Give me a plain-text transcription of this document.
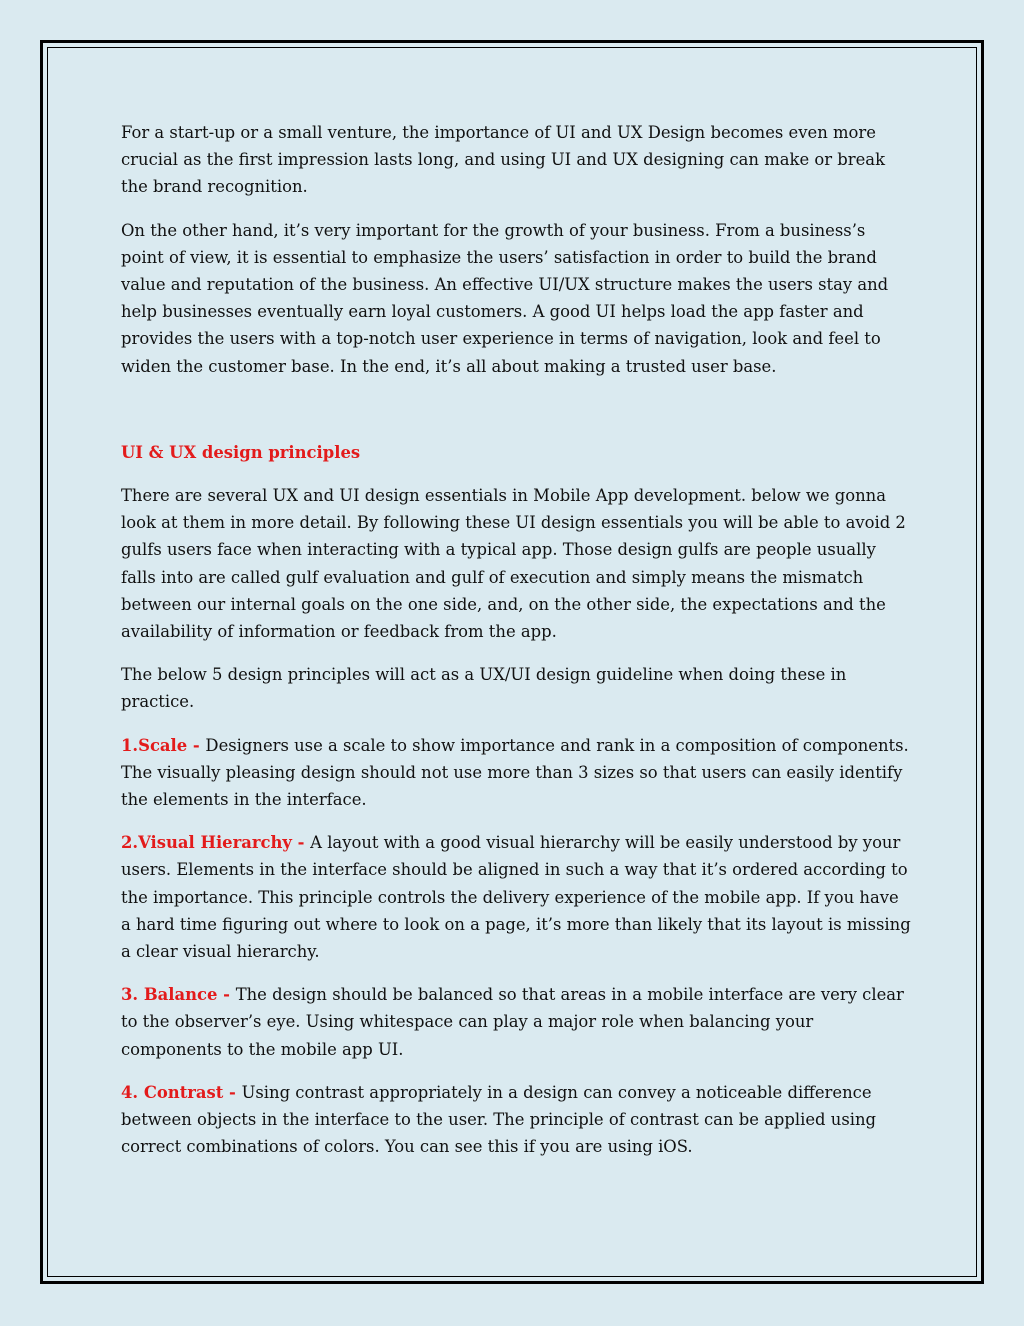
For a start-up or a small venture, the importance of UI and UX Design becomes even more crucial as the first impression lasts long, and using UI and UX designing can make or break the brand recognition.

On the other hand, it’s very important for the growth of your business. From a business’s point of view, it is essential to emphasize the users’ satisfaction in order to build the brand value and reputation of the business. An effective UI/UX structure makes the users stay and help businesses eventually earn loyal customers. A good UI helps load the app faster and provides the users with a top-notch user experience in terms of navigation, look and feel to widen the customer base. In the end, it’s all about making a trusted user base.

UI & UX design principles

There are several UX and UI design essentials in Mobile App development. below we gonna look at them in more detail. By following these UI design essentials you will be able to avoid 2 gulfs users face when interacting with a typical app. Those design gulfs are people usually falls into are called gulf evaluation and gulf of execution and simply means the mismatch between our internal goals on the one side, and, on the other side, the expectations and the availability of information or feedback from the app.

The below 5 design principles will act as a UX/UI design guideline when doing these in practice.

1.Scale - Designers use a scale to show importance and rank in a composition of components. The visually pleasing design should not use more than 3 sizes so that users can easily identify the elements in the interface.

2.Visual Hierarchy - A layout with a good visual hierarchy will be easily understood by your users. Elements in the interface should be aligned in such a way that it’s ordered according to the importance. This principle controls the delivery experience of the mobile app. If you have a hard time figuring out where to look on a page, it’s more than likely that its layout is missing a clear visual hierarchy.

3. Balance - The design should be balanced so that areas in a mobile interface are very clear to the observer’s eye. Using whitespace can play a major role when balancing your components to the mobile app UI.

4. Contrast - Using contrast appropriately in a design can convey a noticeable difference between objects in the interface to the user. The principle of contrast can be applied using correct combinations of colors. You can see this if you are using iOS.
